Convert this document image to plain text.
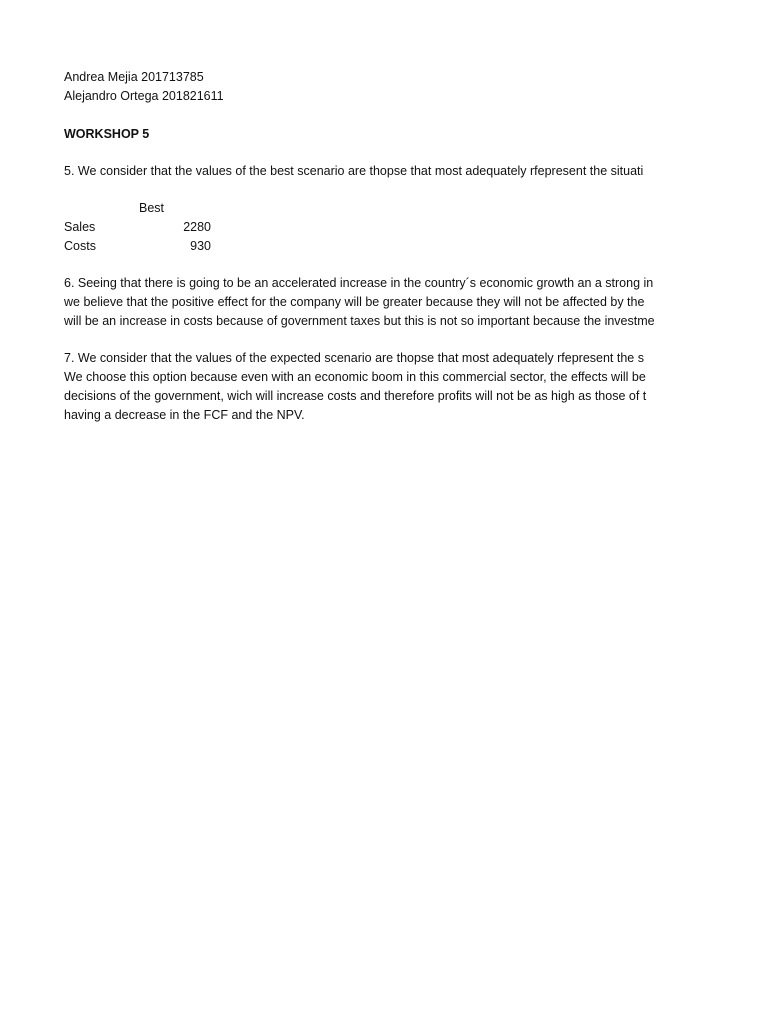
Andrea Mejia 201713785
Alejandro Ortega 201821611
WORKSHOP 5
5. We consider that the values of the best scenario are thopse that most adequately rfepresent the situati
Best
Sales	2280
Costs	930
6. Seeing that there is going to be an accelerated increase in the country´s economic growth an a strong in
we believe that the positive effect for the company will be greater because they will not be affected by the
will be an increase in costs because of government taxes but this is not so important because the investme
7. We consider that the values of the expected scenario are thopse that most adequately rfepresent the s
We choose this option because even with an economic boom in this commercial sector, the effects will be
decisions of the government, wich will increase costs and therefore profits will not be as high as those of t
having a decrease in the FCF and the NPV.
